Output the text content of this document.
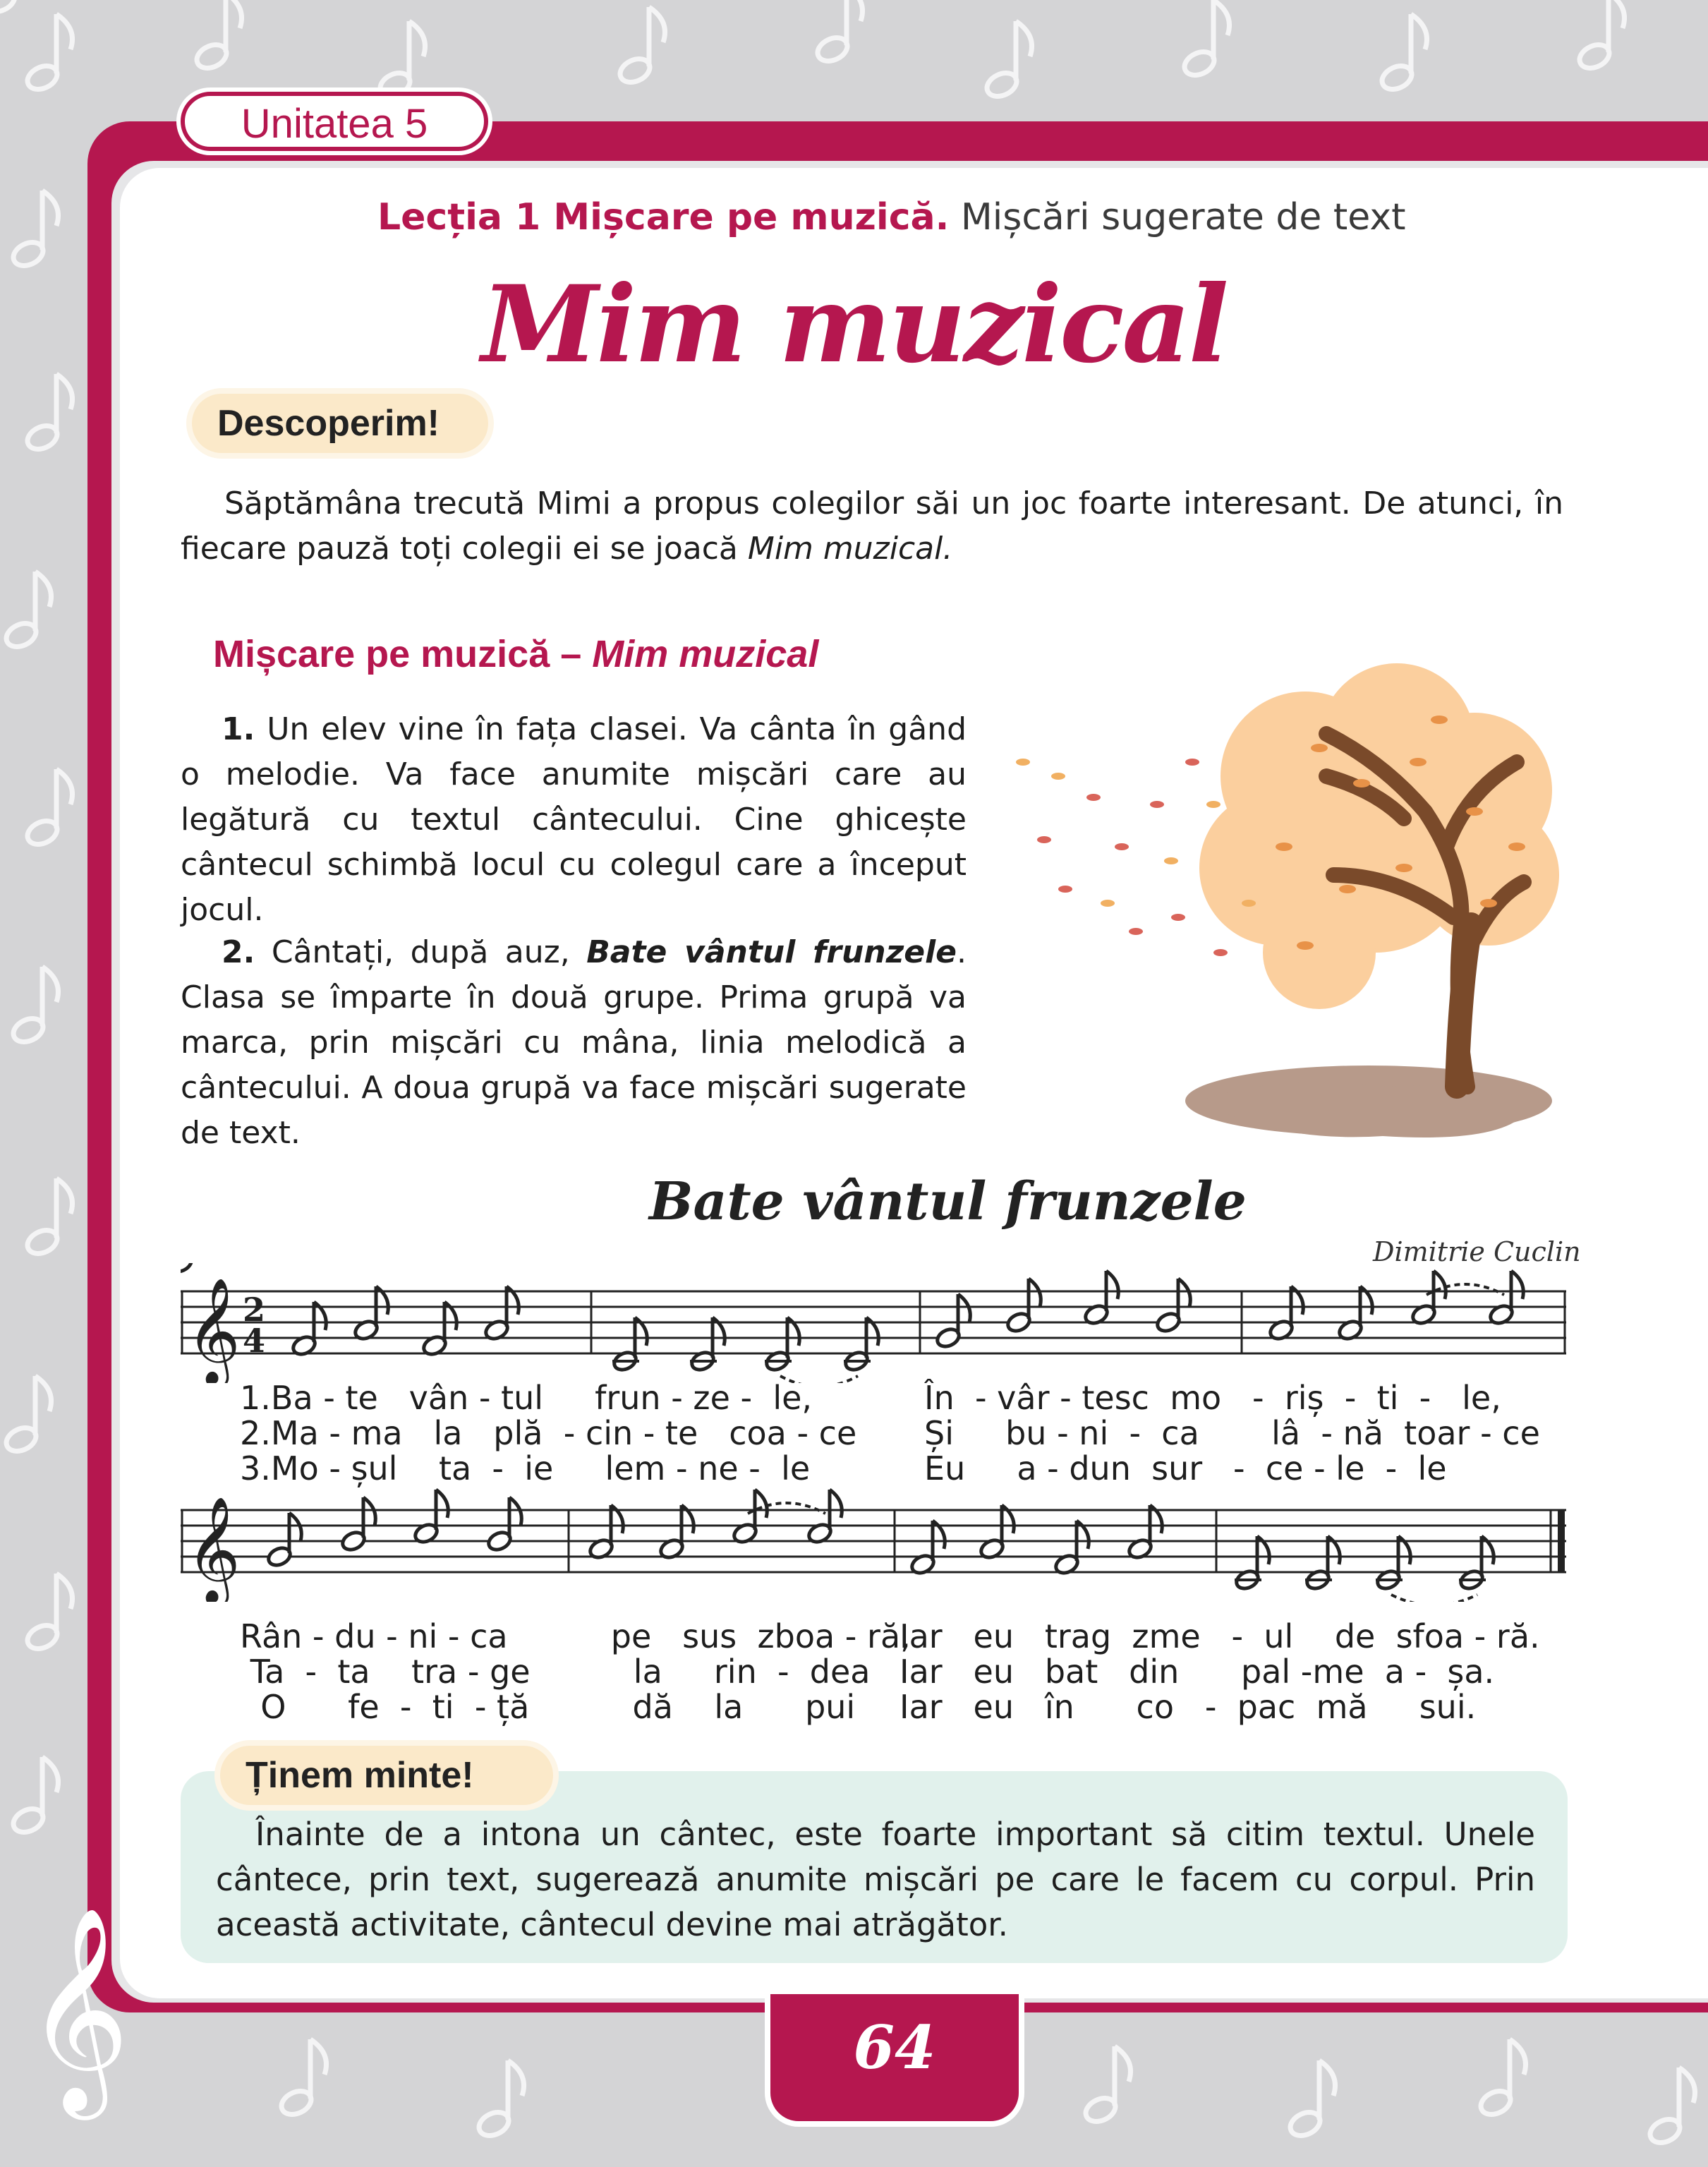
Unitatea 5
Lecția 1 Mișcare pe muzică. Mișcări sugerate de text
Mim muzical
Descoperim!
Săptămâna trecută Mimi a propus colegilor săi un joc foarte interesant. De atunci, în fiecare pauză toți colegii ei se joacă Mim muzical.
Mișcare pe muzică – Mim muzical
1. Un elev vine în fața clasei. Va cânta în gând o melodie. Va face anumite mișcări care au legătură cu textul cântecului. Cine ghicește cântecul schimbă locul cu colegul care a început jocul.
2. Cântați, după auz, Bate vântul frunzele. Clasa se împarte în două grupe. Prima grupă va marca, prin mișcări cu mâna, linia melodică a cântecului. A doua grupă va face mișcări sugerate de text.
Bate vântul frunzele
Dimitrie Cuclin
𝄞 2
4
1.Ba - te   vân - tul     frun - ze -  le,
2.Ma - ma   la   plă  - cin - te   coa - ce
3.Mo - șul    ta  -  ie     lem - ne -  le
În  - vâr - tesc  mo   -  riș  -  ti  -   le,
Și     bu - ni  -  ca       lâ  - nă  toar - ce
Eu     a - dun  sur   -  ce - le  -  le
𝄞
Rân - du - ni - ca          pe   sus  zboa - ră,
Ta  -  ta    tra - ge          la     rin  -  dea
O      fe  -  ti  - ță          dă    la      pui
Iar   eu   trag  zme   -  ul    de  sfoa - ră.
Iar   eu   bat   din      pal -me  a -  șa.
Iar   eu   în      co   -  pac  mă     sui.
Ținem minte!
Înainte de a intona un cântec, este foarte important să citim textul. Unele cântece, prin text, sugerează anumite mișcări pe care le facem cu corpul. Prin această activitate, cântecul devine mai atrăgător.
𝄞	64
